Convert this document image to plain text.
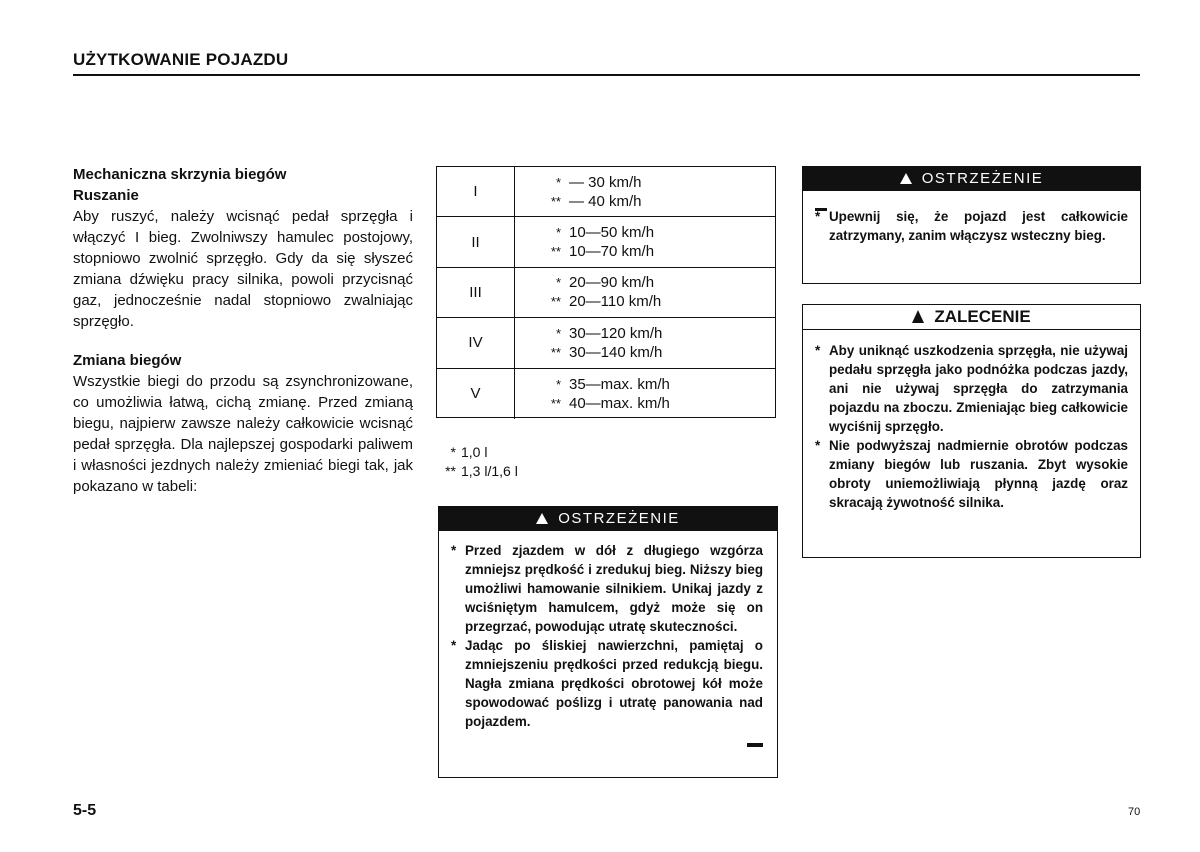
UŻYTKOWANIE POJAZDU
Mechaniczna skrzynia biegów
Ruszanie
Aby ruszyć, należy wcisnąć pedał sprzęgła i włączyć I bieg. Zwolniwszy hamulec postojowy, stopniowo zwolnić sprzęgło. Gdy da się słyszeć zmiana dźwięku pracy silnika, powoli przycisnąć gaz, jednocześnie nadal stopniowo zwalniając sprzęgło.
Zmiana biegów
Wszystkie biegi do przodu są zsynchronizowane, co umożliwia łatwą, cichą zmianę. Przed zmianą biegu, najpierw zawsze należy całkowicie wcisnąć pedał sprzęgła. Dla najlepszej gospodarki paliwem i własności jezdnych należy zmieniać biegi tak, jak pokazano w tabeli:
I
* — 30 km/h
** — 40 km/h
II
* 10—50 km/h
** 10—70 km/h
III
* 20—90 km/h
** 20—110 km/h
IV
* 30—120 km/h
** 30—140 km/h
V
* 35—max. km/h
** 40—max. km/h
* 1,0 l
** 1,3 l/1,6 l
OSTRZEŻENIE
* Przed zjazdem w dół z długiego wzgórza zmniejsz prędkość i zredukuj bieg. Niższy bieg umożliwi hamowanie silnikiem. Unikaj jazdy z wciśniętym hamulcem, gdyż może się on przegrzać, powodując utratę skuteczności.
* Jadąc po śliskiej nawierzchni, pamiętaj o zmniejszeniu prędkości przed redukcją biegu. Nagła zmiana prędkości obrotowej kół może spowodować poślizg i utratę panowania nad pojazdem.
OSTRZEŻENIE
* Upewnij się, że pojazd jest całkowicie zatrzymany, zanim włączysz wsteczny bieg.
ZALECENIE
* Aby uniknąć uszkodzenia sprzęgła, nie używaj pedału sprzęgła jako podnóżka podczas jazdy, ani nie używaj sprzęgła do zatrzymania pojazdu na zboczu. Zmieniając bieg całkowicie wyciśnij sprzęgło.
* Nie podwyższaj nadmiernie obrotów podczas zmiany biegów lub ruszania. Zbyt wysokie obroty uniemożliwiają płynną jazdę oraz skracają żywotność silnika.
5-5	70
